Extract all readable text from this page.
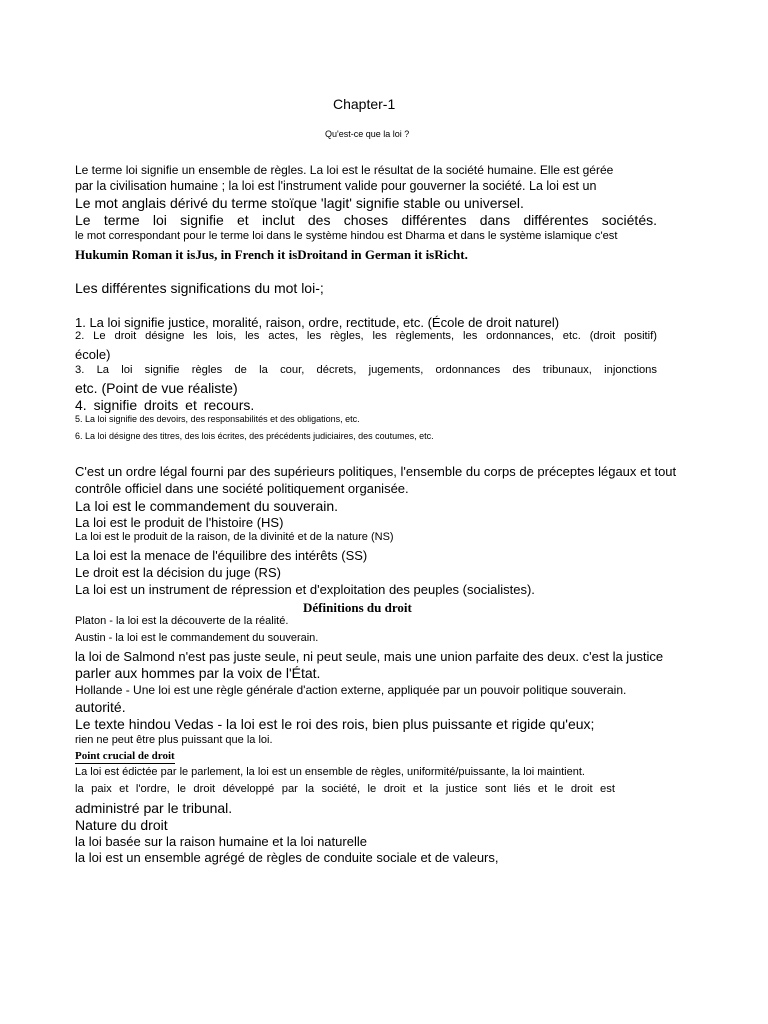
Chapter-1

Qu'est-ce que la loi ?

Le terme loi signifie un ensemble de règles. La loi est le résultat de la société humaine. Elle est gérée

par la civilisation humaine ; la loi est l'instrument valide pour gouverner la société. La loi est un

Le mot anglais dérivé du terme stoïque 'lagit' signifie stable ou universel.

Le terme loi signifie et inclut des choses différentes dans différentes sociétés.

le mot correspondant pour le terme loi dans le système hindou est Dharma et dans le système islamique c'est

Hukumin Roman it isJus, in French it isDroitand in German it isRicht.

Les différentes significations du mot loi-;

1. La loi signifie justice, moralité, raison, ordre, rectitude, etc. (École de droit naturel)

2. Le droit désigne les lois, les actes, les règles, les règlements, les ordonnances, etc. (droit positif)

école)

3. La loi signifie règles de la cour, décrets, jugements, ordonnances des tribunaux, injonctions

etc. (Point de vue réaliste)

4. signifie droits et recours.

5. La loi signifie des devoirs, des responsabilités et des obligations, etc.

6. La loi désigne des titres, des lois écrites, des précédents judiciaires, des coutumes, etc.

C'est un ordre légal fourni par des supérieurs politiques, l'ensemble du corps de préceptes légaux et tout

contrôle officiel dans une société politiquement organisée.

La loi est le commandement du souverain.

La loi est le produit de l'histoire (HS)

La loi est le produit de la raison, de la divinité et de la nature (NS)

La loi est la menace de l'équilibre des intérêts (SS)

Le droit est la décision du juge (RS)

La loi est un instrument de répression et d'exploitation des peuples (socialistes).

Définitions du droit

Platon - la loi est la découverte de la réalité.

Austin - la loi est le commandement du souverain.

la loi de Salmond n'est pas juste seule, ni peut seule, mais une union parfaite des deux. c'est la justice

parler aux hommes par la voix de l'État.

Hollande - Une loi est une règle générale d'action externe, appliquée par un pouvoir politique souverain.

autorité.

Le texte hindou Vedas - la loi est le roi des rois, bien plus puissante et rigide qu'eux;

rien ne peut être plus puissant que la loi.

Point crucial de droit

La loi est édictée par le parlement, la loi est un ensemble de règles, uniformité/puissante, la loi maintient.

la paix et l'ordre, le droit développé par la société, le droit et la justice sont liés et le droit est

administré par le tribunal.

Nature du droit

la loi basée sur la raison humaine et la loi naturelle

la loi est un ensemble agrégé de règles de conduite sociale et de valeurs,
